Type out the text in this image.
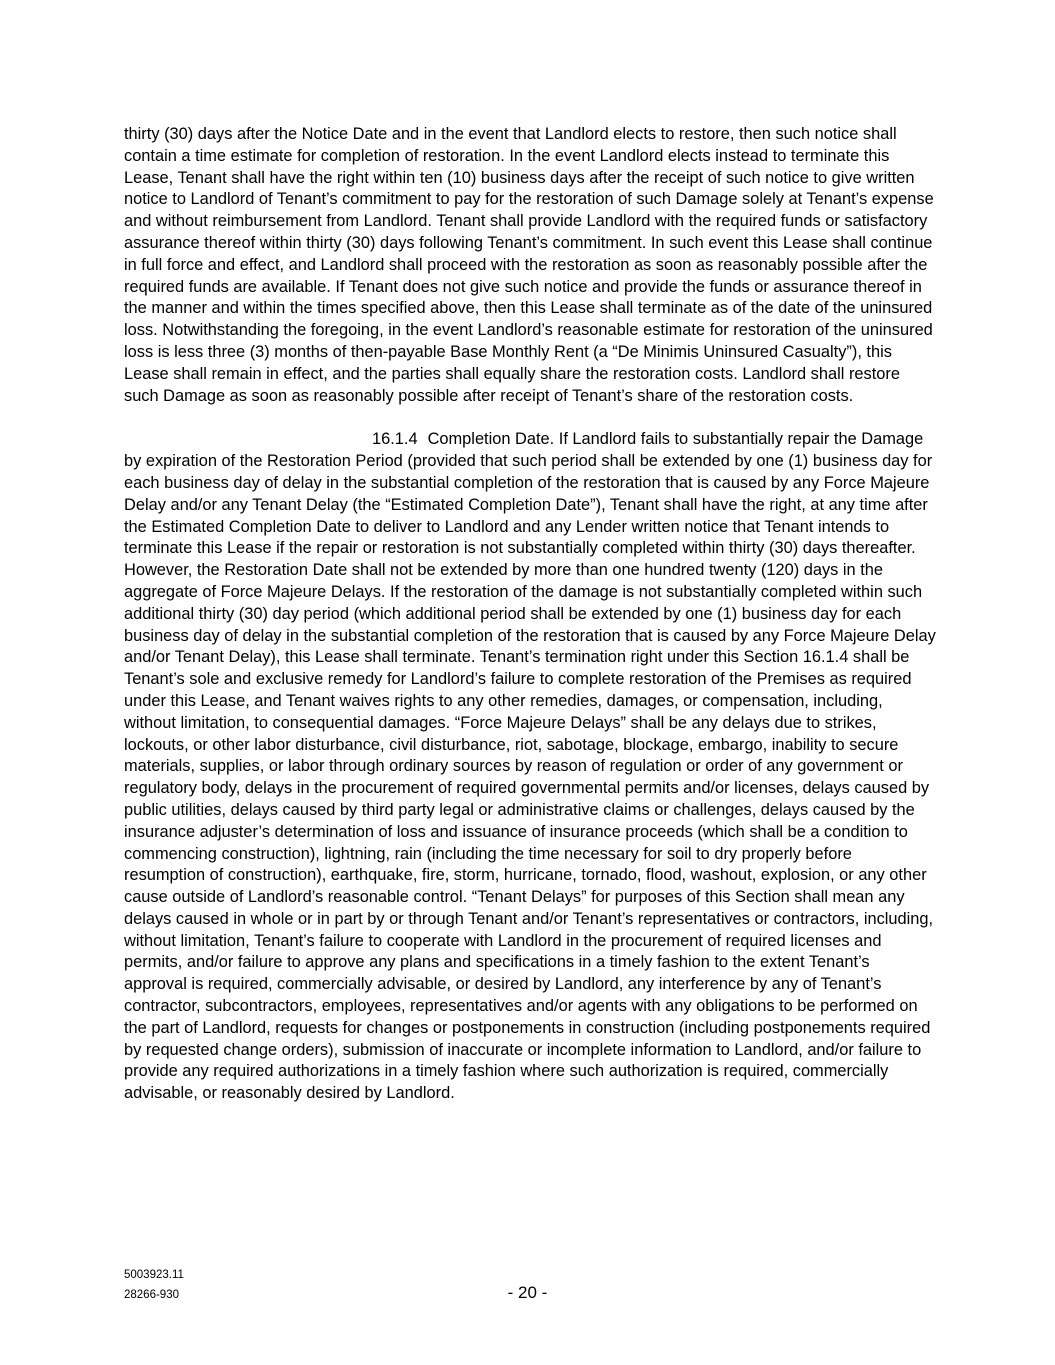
thirty (30) days after the Notice Date and in the event that Landlord elects to restore, then such notice shall contain a time estimate for completion of restoration. In the event Landlord elects instead to terminate this Lease, Tenant shall have the right within ten (10) business days after the receipt of such notice to give written notice to Landlord of Tenant’s commitment to pay for the restoration of such Damage solely at Tenant’s expense and without reimbursement from Landlord. Tenant shall provide Landlord with the required funds or satisfactory assurance thereof within thirty (30) days following Tenant’s commitment. In such event this Lease shall continue in full force and effect, and Landlord shall proceed with the restoration as soon as reasonably possible after the required funds are available. If Tenant does not give such notice and provide the funds or assurance thereof in the manner and within the times specified above, then this Lease shall terminate as of the date of the uninsured loss. Notwithstanding the foregoing, in the event Landlord’s reasonable estimate for restoration of the uninsured loss is less three (3) months of then-payable Base Monthly Rent (a “De Minimis Uninsured Casualty”), this Lease shall remain in effect, and the parties shall equally share the restoration costs. Landlord shall restore such Damage as soon as reasonably possible after receipt of Tenant’s share of the restoration costs.

16.1.4 Completion Date. If Landlord fails to substantially repair the Damage by expiration of the Restoration Period (provided that such period shall be extended by one (1) business day for each business day of delay in the substantial completion of the restoration that is caused by any Force Majeure Delay and/or any Tenant Delay (the “Estimated Completion Date”), Tenant shall have the right, at any time after the Estimated Completion Date to deliver to Landlord and any Lender written notice that Tenant intends to terminate this Lease if the repair or restoration is not substantially completed within thirty (30) days thereafter. However, the Restoration Date shall not be extended by more than one hundred twenty (120) days in the aggregate of Force Majeure Delays. If the restoration of the damage is not substantially completed within such additional thirty (30) day period (which additional period shall be extended by one (1) business day for each business day of delay in the substantial completion of the restoration that is caused by any Force Majeure Delay and/or Tenant Delay), this Lease shall terminate. Tenant’s termination right under this Section 16.1.4 shall be Tenant’s sole and exclusive remedy for Landlord’s failure to complete restoration of the Premises as required under this Lease, and Tenant waives rights to any other remedies, damages, or compensation, including, without limitation, to consequential damages. “Force Majeure Delays” shall be any delays due to strikes, lockouts, or other labor disturbance, civil disturbance, riot, sabotage, blockage, embargo, inability to secure materials, supplies, or labor through ordinary sources by reason of regulation or order of any government or regulatory body, delays in the procurement of required governmental permits and/or licenses, delays caused by public utilities, delays caused by third party legal or administrative claims or challenges, delays caused by the insurance adjuster’s determination of loss and issuance of insurance proceeds (which shall be a condition to commencing construction), lightning, rain (including the time necessary for soil to dry properly before resumption of construction), earthquake, fire, storm, hurricane, tornado, flood, washout, explosion, or any other cause outside of Landlord’s reasonable control. “Tenant Delays” for purposes of this Section shall mean any delays caused in whole or in part by or through Tenant and/or Tenant’s representatives or contractors, including, without limitation, Tenant’s failure to cooperate with Landlord in the procurement of required licenses and permits, and/or failure to approve any plans and specifications in a timely fashion to the extent Tenant’s approval is required, commercially advisable, or desired by Landlord, any interference by any of Tenant’s contractor, subcontractors, employees, representatives and/or agents with any obligations to be performed on the part of Landlord, requests for changes or postponements in construction (including postponements required by requested change orders), submission of inaccurate or incomplete information to Landlord, and/or failure to provide any required authorizations in a timely fashion where such authorization is required, commercially advisable, or reasonably desired by Landlord.

5003923.11
28266-930	- 20 -
